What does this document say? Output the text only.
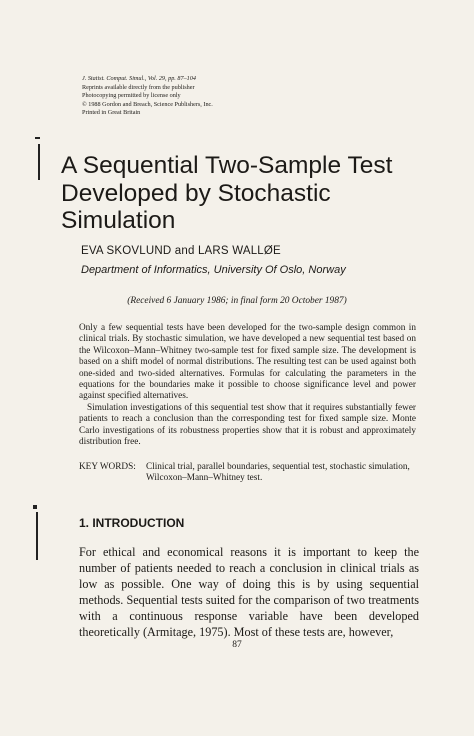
J. Statist. Comput. Simul., Vol. 29, pp. 87–104
Reprints available directly from the publisher
Photocopying permitted by license only
© 1988 Gordon and Breach, Science Publishers, Inc.
Printed in Great Britain
A Sequential Two-Sample Test
Developed by Stochastic
Simulation
EVA SKOVLUND and LARS WALLØE
Department of Informatics, University Of Oslo, Norway
(Received 6 January 1986; in final form 20 October 1987)

Only a few sequential tests have been developed for the two-sample design common in clinical trials. By stochastic simulation, we have developed a new sequential test based on the Wilcoxon–Mann–Whitney two-sample test for fixed sample size. The development is based on a shift model of normal distributions. The resulting test can be used against both one-sided and two-sided alternatives. Formulas for calculating the parameters in the equations for the boundaries make it possible to choose significance level and power against specified alternatives.

Simulation investigations of this sequential test show that it requires substantially fewer patients to reach a conclusion than the corresponding test for fixed sample size. Monte Carlo investigations of its robustness properties show that it is robust and approximately distribution free.

KEY WORDS:	Clinical trial, parallel boundaries, sequential test, stochastic simulation, Wilcoxon–Mann–Whitney test.
1. INTRODUCTION

For ethical and economical reasons it is important to keep the number of patients needed to reach a conclusion in clinical trials as low as possible. One way of doing this is by using sequential methods. Sequential tests suited for the comparison of two treatments with a continuous response variable have been developed theoretically (Armitage, 1975). Most of these tests are, however,

87
